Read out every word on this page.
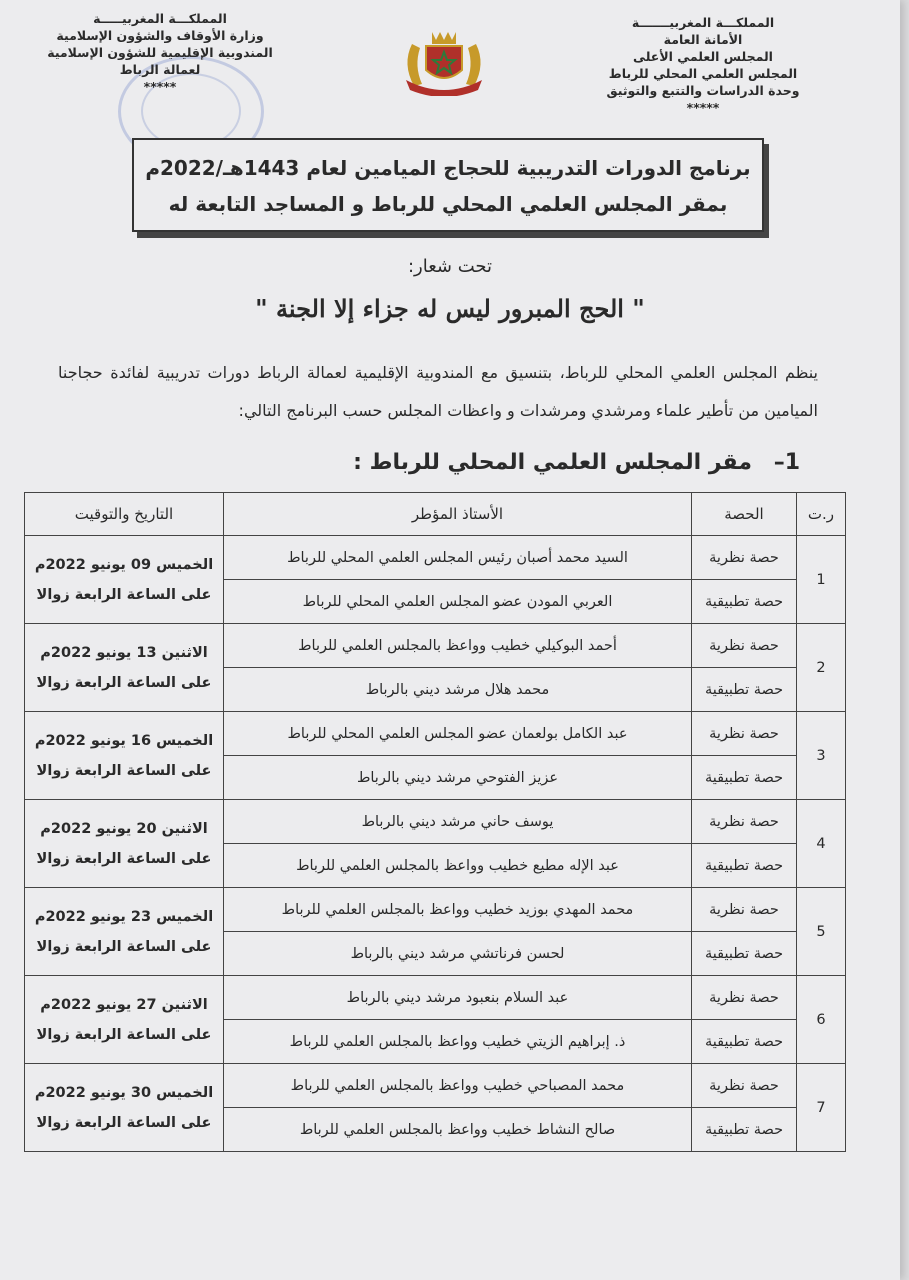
المملكـــة المغربيـــــــة
الأمانة العامة
المجلس العلمي الأعلى
المجلس العلمي المحلي للرباط
وحدة الدراسات والتتبع والتوثيق
*****
المملكـــة المغربيـــــة
وزارة الأوقاف والشؤون الإسلامية
المندوبية الإقليمية للشؤون الإسلامية
لعمالة الرباط
*****
برنامج الدورات التدريبية للحجاج الميامين لعام 1443هـ/2022م
بمقر المجلس العلمي المحلي للرباط و المساجد التابعة له
تحت شعار:
" الحج المبرور ليس له جزاء إلا الجنة "
ينظم المجلس العلمي المحلي للرباط، بتنسيق مع المندوبية الإقليمية لعمالة الرباط دورات تدريبية لفائدة حجاجنا الميامين من تأطير علماء ومرشدي ومرشدات و واعظات المجلس حسب البرنامج التالي:
1– مقر المجلس العلمي المحلي للرباط :
ر.ت	الحصة	الأستاذ المؤطر	التاريخ والتوقيت
1	حصة نظرية	السيد محمد أصبان رئيس المجلس العلمي المحلي للرباط	الخميس 09 يونيو 2022م
على الساعة الرابعة زوالا

	حصة تطبيقية	العربي المودن عضو المجلس العلمي المحلي للرباط	
2	حصة نظرية	أحمد البوكيلي خطيب وواعظ بالمجلس العلمي للرباط	الاثنين 13 يونيو 2022م
على الساعة الرابعة زوالا

	حصة تطبيقية	محمد هلال مرشد ديني بالرباط	
3	حصة نظرية	عبد الكامل بولعمان عضو المجلس العلمي المحلي للرباط	الخميس 16 يونيو 2022م
على الساعة الرابعة زوالا

	حصة تطبيقية	عزيز الفتوحي مرشد ديني بالرباط	
4	حصة نظرية	يوسف حاني مرشد ديني بالرباط	الاثنين 20 يونيو 2022م
على الساعة الرابعة زوالا

	حصة تطبيقية	عبد الإله مطيع خطيب وواعظ بالمجلس العلمي للرباط	
5	حصة نظرية	محمد المهدي بوزيد خطيب وواعظ بالمجلس العلمي للرباط	الخميس 23 يونيو 2022م
على الساعة الرابعة زوالا

	حصة تطبيقية	لحسن فرناتشي مرشد ديني بالرباط	
6	حصة نظرية	عبد السلام بنعبود مرشد ديني بالرباط	الاثنين 27 يونيو 2022م
على الساعة الرابعة زوالا

	حصة تطبيقية	ذ. إبراهيم الزيتي خطيب وواعظ بالمجلس العلمي للرباط	
7	حصة نظرية	محمد المصباحي خطيب وواعظ بالمجلس العلمي للرباط	الخميس 30 يونيو 2022م
على الساعة الرابعة زوالا

	حصة تطبيقية	صالح النشاط خطيب وواعظ بالمجلس العلمي للرباط	
